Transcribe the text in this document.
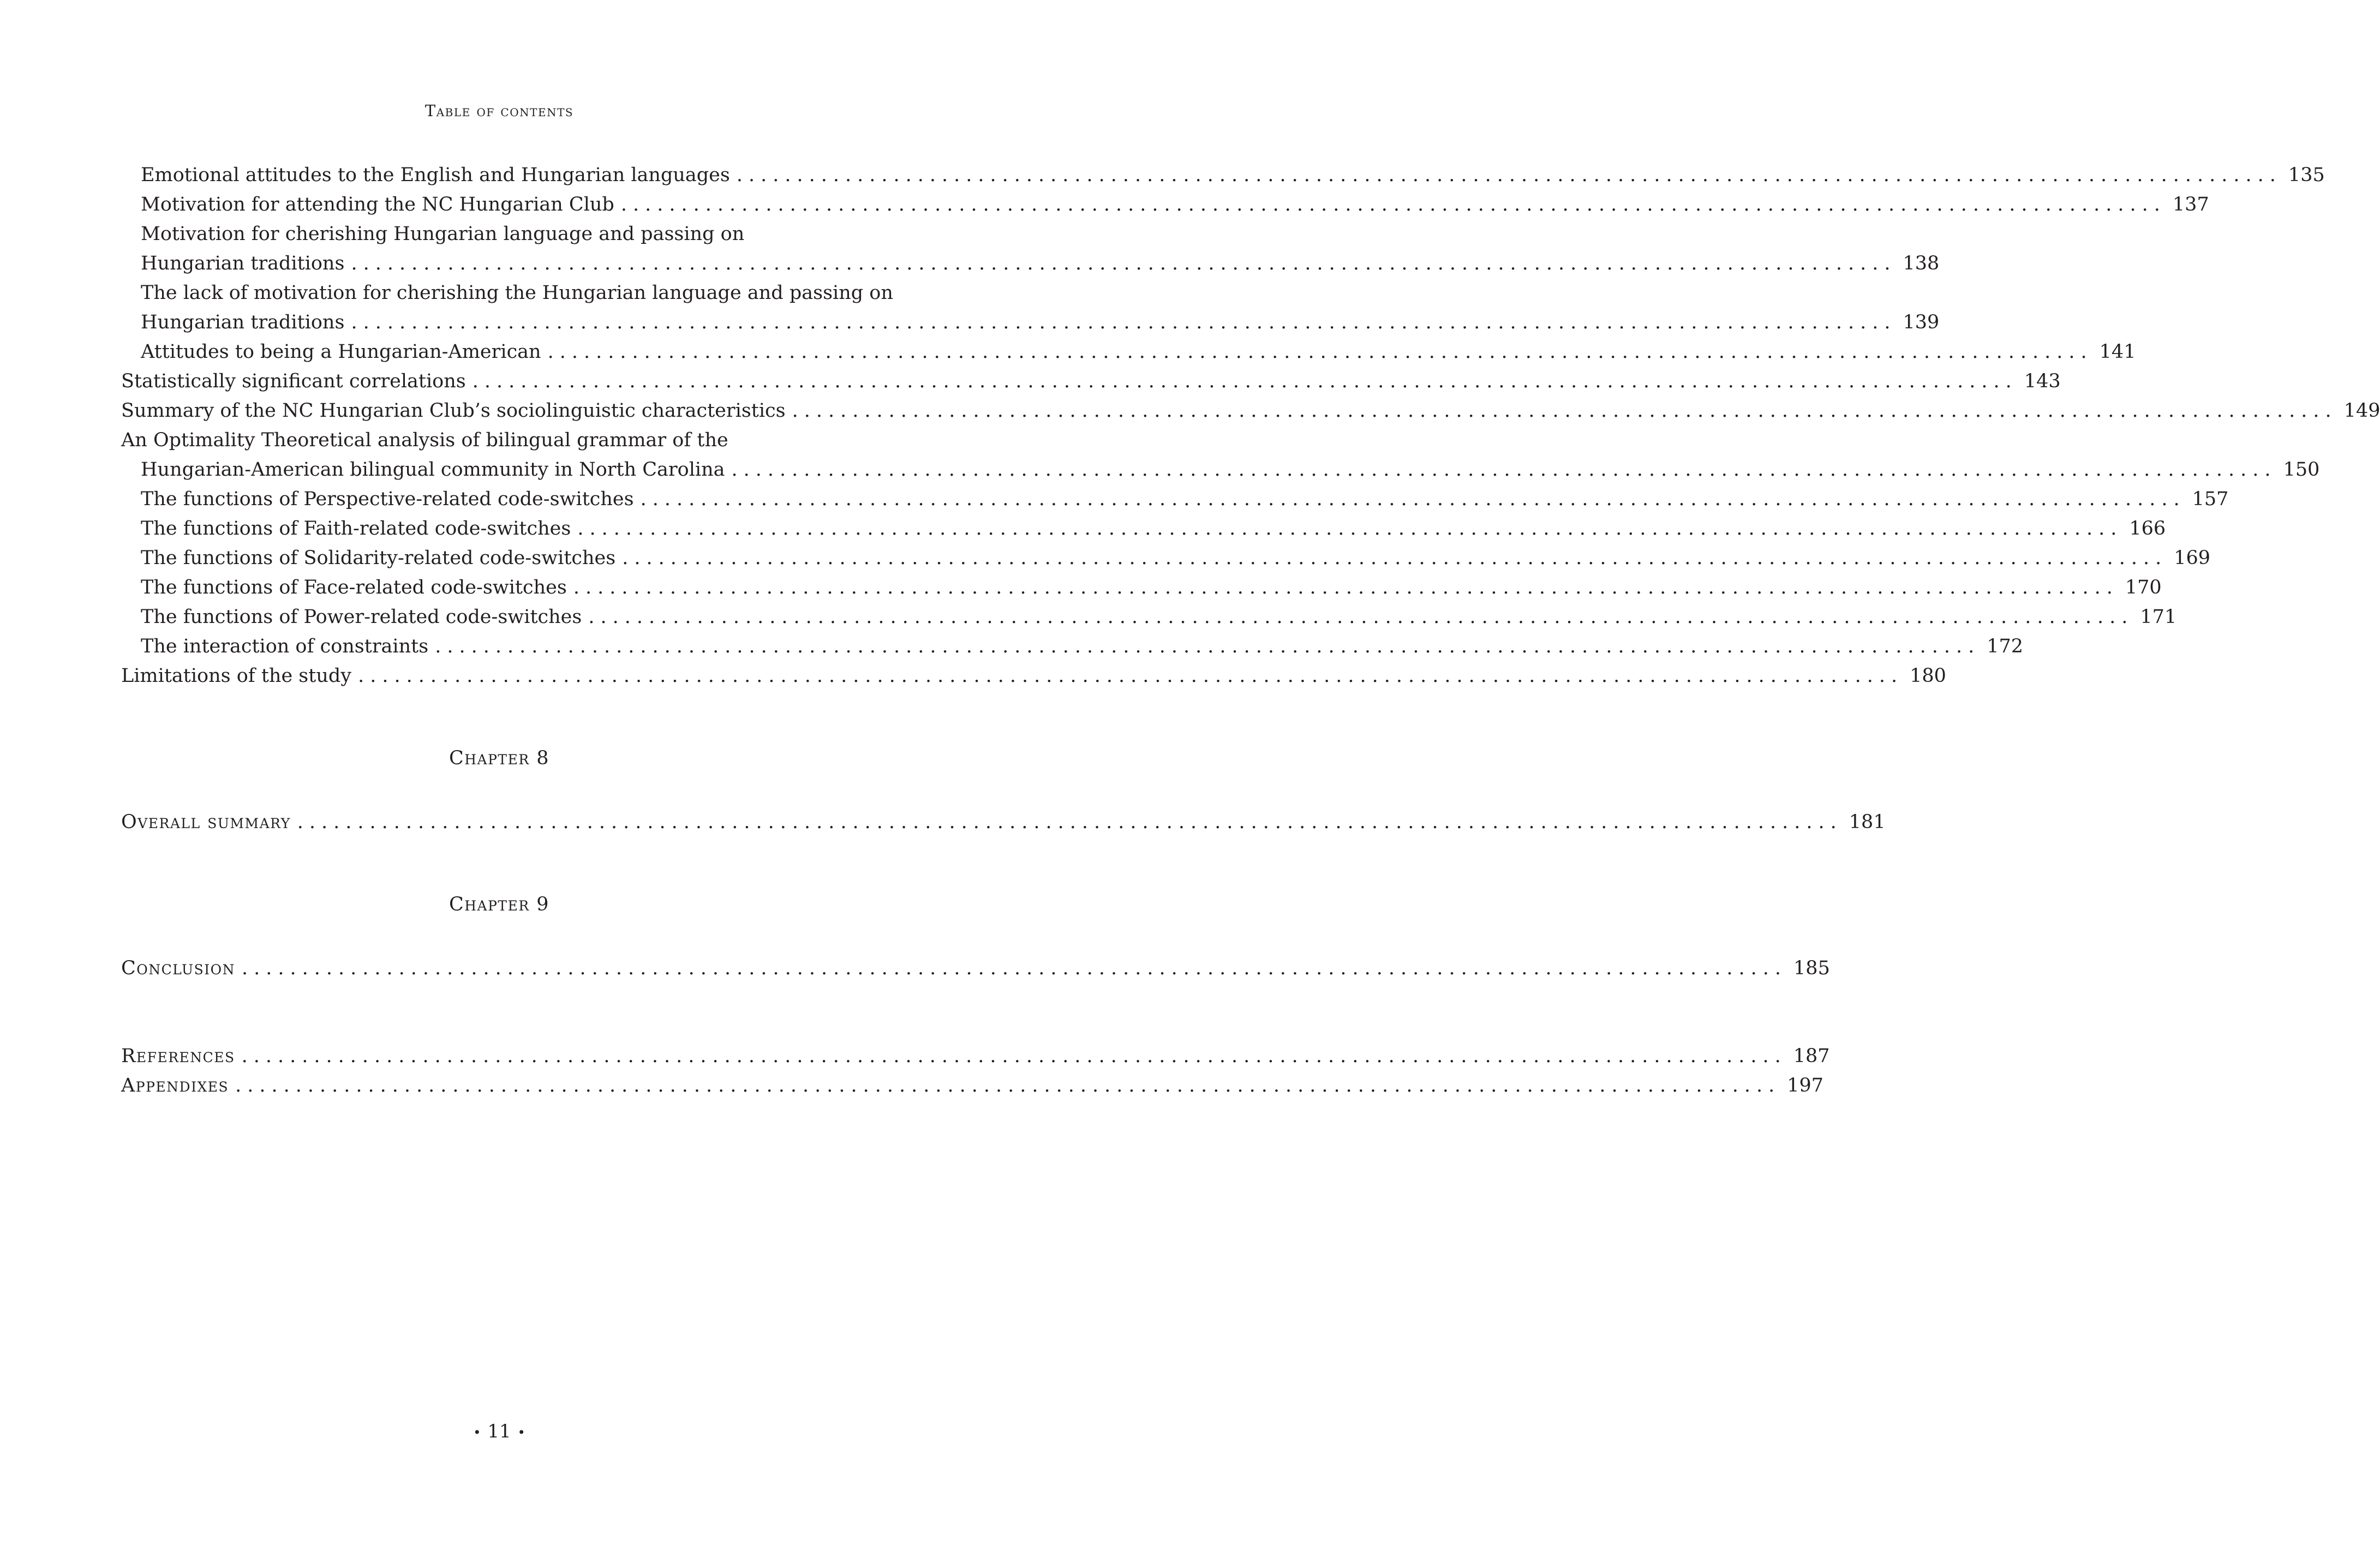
Table of contents
Emotional attitudes to the English and Hungarian languages ................................................................................................................................ 135
Motivation for attending the NC Hungarian Club ................................................................................................................................ 137
Motivation for cherishing Hungarian language and passing on
Hungarian traditions ................................................................................................................................ 138
The lack of motivation for cherishing the Hungarian language and passing on
Hungarian traditions ................................................................................................................................ 139
Attitudes to being a Hungarian-American ................................................................................................................................ 141
Statistically significant correlations ................................................................................................................................ 143
Summary of the NC Hungarian Club’s sociolinguistic characteristics ................................................................................................................................ 149
An Optimality Theoretical analysis of bilingual grammar of the
Hungarian-American bilingual community in North Carolina ................................................................................................................................ 150
The functions of Perspective-related code-switches ................................................................................................................................ 157
The functions of Faith-related code-switches ................................................................................................................................ 166
The functions of Solidarity-related code-switches ................................................................................................................................ 169
The functions of Face-related code-switches ................................................................................................................................ 170
The functions of Power-related code-switches ................................................................................................................................ 171
The interaction of constraints ................................................................................................................................ 172
Limitations of the study ................................................................................................................................ 180
Chapter 8
Overall summary ................................................................................................................................ 181
Chapter 9
Conclusion ................................................................................................................................ 185
References ................................................................................................................................ 187
Appendixes ................................................................................................................................ 197
• 11 •
